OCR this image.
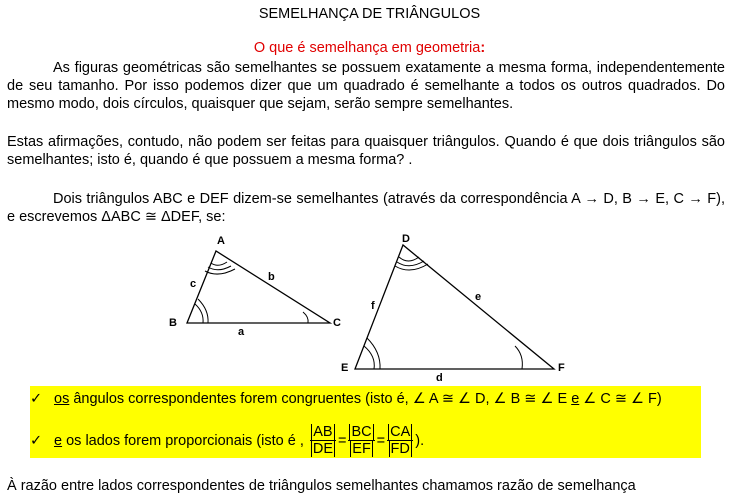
SEMELHANÇA DE TRIÂNGULOS
O que é semelhança em geometria:
As figuras geométricas são semelhantes se possuem exatamente a mesma forma, independentemente de seu tamanho. Por isso podemos dizer que um quadrado é semelhante a todos os outros quadrados. Do mesmo modo, dois círculos, quaisquer que sejam, serão sempre semelhantes.
Estas afirmações, contudo, não podem ser feitas para quaisquer triângulos. Quando é que dois triângulos são semelhantes; isto é, quando é que possuem a mesma forma? .
Dois triângulos ABC e DEF dizem-se semelhantes (através da correspondência A → D, B → E, C → F), e escrevemos ΔABC ≅ ΔDEF, se:
A
B	C
a
b
c
D
E	F
d
e
f
✓ os ângulos correspondentes forem congruentes (isto é, ∠ A ≅ ∠ D, ∠ B ≅ ∠ E e ∠ C ≅ ∠ F)
✓ e os lados forem proporcionais (isto é , $\frac{AB}{DE} = \frac{BC}{EF} = \frac{CA}{FD}$ ).
À razão entre lados correspondentes de triângulos semelhantes chamamos razão de semelhança
